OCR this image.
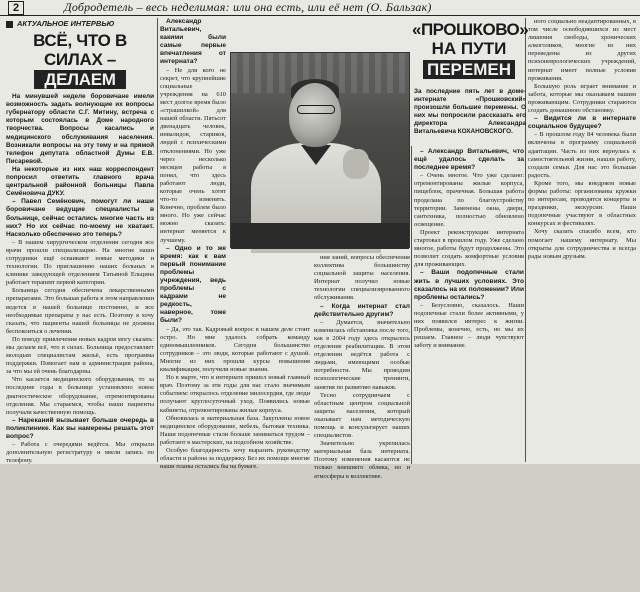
2	Добродетель – весь неделимая: или она есть, или её нет (О. Бальзак)
АКТУАЛЬНОЕ ИНТЕРВЬЮ
ВСЁ, ЧТО В СИЛАХ –
ДЕЛАЕМ

На минувшей неделе боровичане имели возможность задать волнующие их вопросы губернатору области С.Г. Митину, встреча с которым состоялась в Доме народного творчества. Вопросы касались и медицинского обслуживания населения. Возникали вопросы на эту тему и на прямой телефон депутата областной Думы Е.В. Писаревой.

На некоторые из них наш корреспондент попросил ответить главного врача центральной районной больницы Павла Семёновича ДУКУ.

– Павел Семёнович, помогут ли наши боровичане ведущие специалисты в больнице, сейчас остались многие часть из них? Но их сейчас по-моему не хватает. Насколько обеспечено это теперь?

– В нашем хирургическом отделении сегодня все врачи прошли специализацию. На многие наши сотрудники ещё осваивают новые методики и технологии. По приглашению наших больных в клинике заведующей отделением Татьяной Ельцина работает терапевт первой категории.

Больница сегодня обеспечена лекарственными препаратами. Это большая работа в этом направлении ведется в нашей больнице постоянно, и все необходимые препараты у нас есть. Поэтому я хочу сказать, что пациенты нашей больницы не должны беспокоиться о лечении.

По поводу привлечения новых кадров могу сказать: мы делаем всё, что в силах. Больница предоставляет молодым специалистам жильё, есть программа поддержки. Помогает нам и администрация района, за что мы ей очень благодарны.

Что касается медицинского оборудования, то за последние годы в больнице установлено новое диагностическое оборудование, отремонтированы отделения. Мы стараемся, чтобы наши пациенты получали качественную помощь.

– Нареканий вызывает больше очередь в поликлинике. Как вы намерены решать этот вопрос?

– Работа с очередями ведётся. Мы открыли дополнительную регистратуру и ввели запись по телефону.

Александр Витальевич, какими были самые первые впечатления от интерната?

– Не для кого не секрет, что крупнейшие социальные учреждения на 610 мест долгое время было «страшилкой» для нашей области. Пятьсот двенадцать человек, инвалидов, стариков, людей с психическими отклонениями. Но уже через несколько месяцев работы я понял, что здесь работают люди, которые очень хотят что-то изменить. Конечно, проблем было много. Но уже сейчас можно сказать: интернат меняется к лучшему.

– Одно и то же время: как к вам первый понимание проблемы учреждения, ведь проблемы с кадрами не редкость, наверное, тоже были?

– Да, это так. Кадровый вопрос в нашем деле стоит остро. Но мне удалось собрать команду единомышленников. Сегодня большинство сотрудников – это люди, которые работают с душой. Многие из них прошли курсы повышения квалификации, получили новые знания.

Но в марте, что в интернате пришел новый главный врач. Поэтому за эти годы для нас стало значимым событием: открылось отделение милосердия, где люди получают круглосуточный уход. Появились новые кабинеты, отремонтированы жилые корпуса.

Обновилась и материальная база. Закуплены новое медицинское оборудование, мебель, бытовая техника. Наши подопечные стали больше заниматься трудом – работают в мастерских, на подсобном хозяйстве.

Особую благодарность хочу выразить руководству области и района за поддержку. Без их помощи многие наши планы остались бы на бумаге.

ния заний, вопросы обеспечения коллектива большинству социальной защиты населения. Интернат получил новые технологии специализированного обслуживания.

– Когда интернат стал действительно другим?

– Думается, значительно изменилась обстановка после того, как в 2004 году здесь открылось отделение реабилитации. В этом отделении ведётся работа с людьми, имеющими особые потребности. Мы проводим психологические тренинги, занятия по развитию навыков.

Тесно сотрудничаем с областным центром социальной защиты населения, который оказывает нам методическую помощь и консультирует наших специалистов.

Значительно укрепилась материальная база интерната. Поэтому изменения касаются не только внешнего облика, но и атмосферы в коллективе.

«ПРОШКОВО»
НА ПУТИ
ПЕРЕМЕН
За последние пять лет в доме-интернате «Прошковский» произошли большие перемены. О них мы попросили рассказать его директора Александра Витальевича КОХАНОВСКОГО.

– Александр Витальевич, что ещё удалось сделать за последнее время?

– Очень многое. Что уже сделано: отремонтированы жилые корпуса, пищеблок, прачечная. Большая работа проделана по благоустройству территории. Заменены окна, двери, сантехника, полностью обновлено освещение.

Проект реконструкции интерната стартовал в прошлом году. Уже сделано многое, работы будут продолжены. Это позволит создать комфортные условия для проживающих.

– Ваши подопечные стали жить в лучших условиях. Это сказалось на их положении? Или проблемы остались?

– Безусловно, сказалось. Наши подопечные стали более активными, у них появился интерес к жизни. Проблемы, конечно, есть, но мы их решаем. Главное – люди чувствуют заботу и внимание.

ного социально неадаптированных, в том числе освободившихся из мест лишения свободы, хронических алкоголиков, многие из них переведены из других психоневрологических учреждений, интернат имеет полные условия проживания.

Большую роль играет внимание и забота, которые мы оказываем нашим проживающим. Сотрудники стараются создать домашнюю обстановку.

– Видится ли в интернате социальное будущее?

– В прошлом году 84 человека были включены в программу социальной адаптации. Часть из них вернулась к самостоятельной жизни, нашли работу, создали семьи. Для нас это большая радость.

Кроме того, мы внедряем новые формы работы: организованы кружки по интересам, проводятся концерты и праздники, экскурсии. Наши подопечные участвуют в областных конкурсах и фестивалях.

Хочу сказать спасибо всем, кто помогает нашему интернату. Мы открыты для сотрудничества и всегда рады новым друзьям.
